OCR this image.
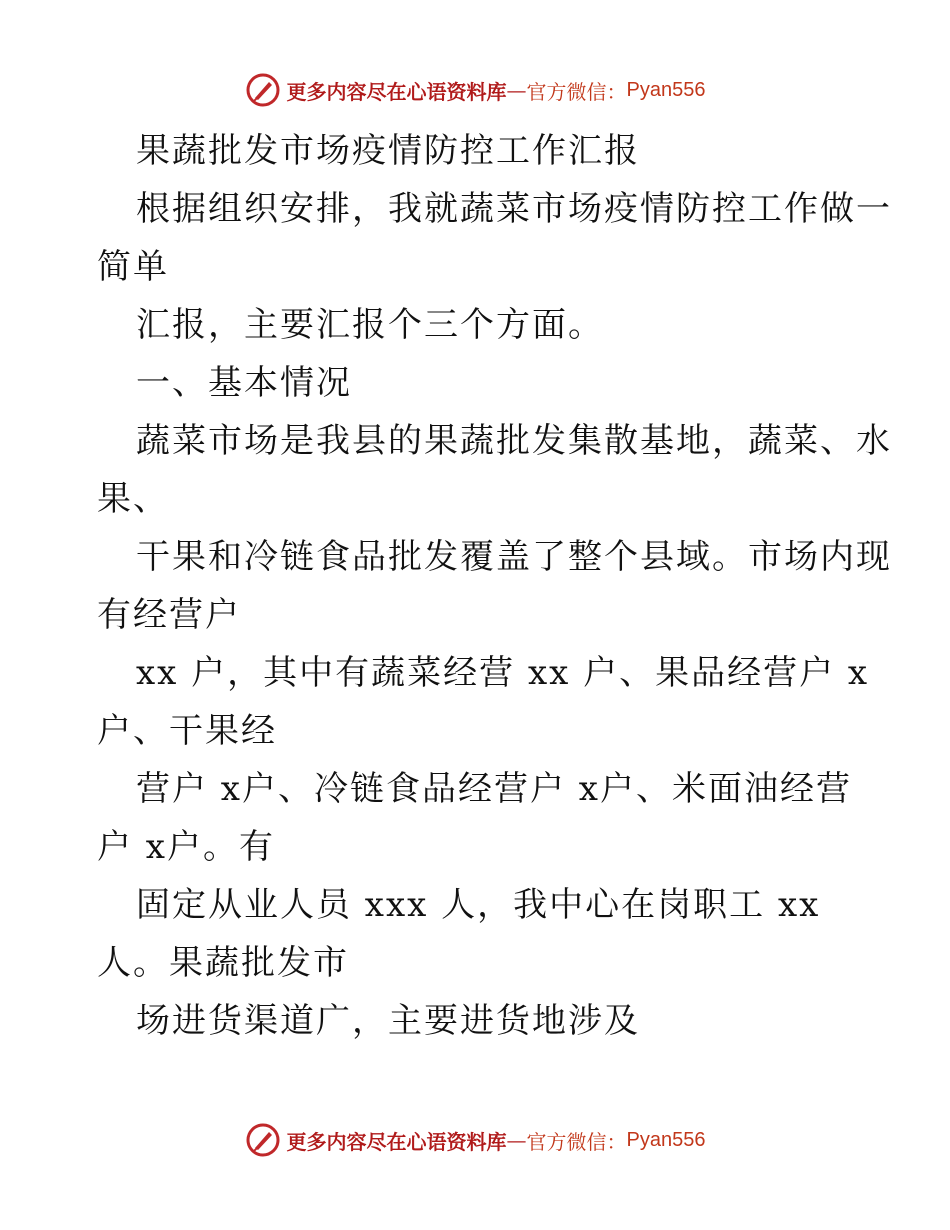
更多内容尽在心语资料库 — 官方微信： Pyan556
果蔬批发市场疫情防控工作汇报
根据组织安排，我就蔬菜市场疫情防控工作做一
简单
汇报，主要汇报个三个方面。
一、基本情况
蔬菜市场是我县的果蔬批发集散基地，蔬菜、水
果、
干果和冷链食品批发覆盖了整个县域。市场内现
有经营户
xx 户，其中有蔬菜经营 xx 户、果品经营户 x
户、干果经
营户 x户、冷链食品经营户 x户、米面油经营
户 x户。有
固定从业人员 xxx 人，我中心在岗职工 xx
人。果蔬批发市
场进货渠道广，主要进货地涉及
更多内容尽在心语资料库 — 官方微信： Pyan556
